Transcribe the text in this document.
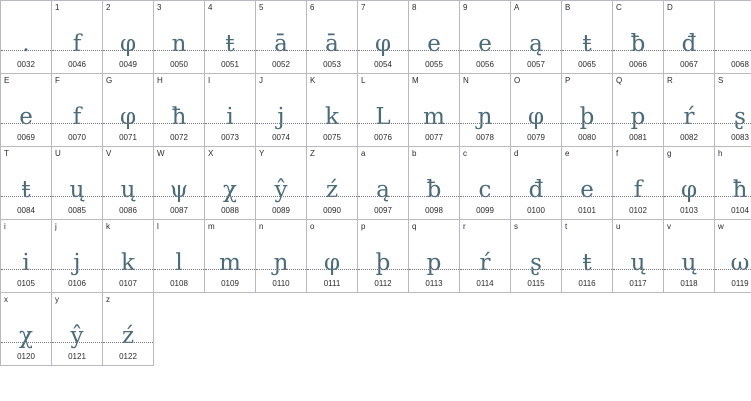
.
0032

1
f
0046

2
φ
0049

3
n
0050

4
ŧ
0051

5
ā
0052

6
ā
0053

7
φ
0054

8
e
0055

9
e
0056

A
ą
0057

B
ŧ
0065

C
ƀ
0066

D
đ
0067	0068

E
e
0069

F
f
0070

G
φ
0071

H
ħ
0072

I
i
0073

J
j
0074

K
k
0075

L
L
0076

M
m
0077

N
ɲ
0078

O
φ
0079

P
þ
0080

Q
p
0081

R
ŕ
0082

S
ʂ
0083

T
ŧ
0084

U
ų
0085

V
ų
0086

W
ψ
0087

X
χ
0088

Y
ŷ
0089

Z
ź
0090

a
ą
0097

b
ƀ
0098

c
c
0099

d
đ
0100

e
e
0101

f
f
0102

g
φ
0103

h
ħ
0104

i
i
0105

j
j
0106

k
k
0107

l
l
0108

m
m
0109

n
ɲ
0110

o
φ
0111

p
þ
0112

q
p
0113

r
ŕ
0114

s
ʂ
0115

t
ŧ
0116

u
ų
0117

v
ų
0118

w
ω
0119

x
χ
0120

y
ŷ
0121

z
ź
0122
